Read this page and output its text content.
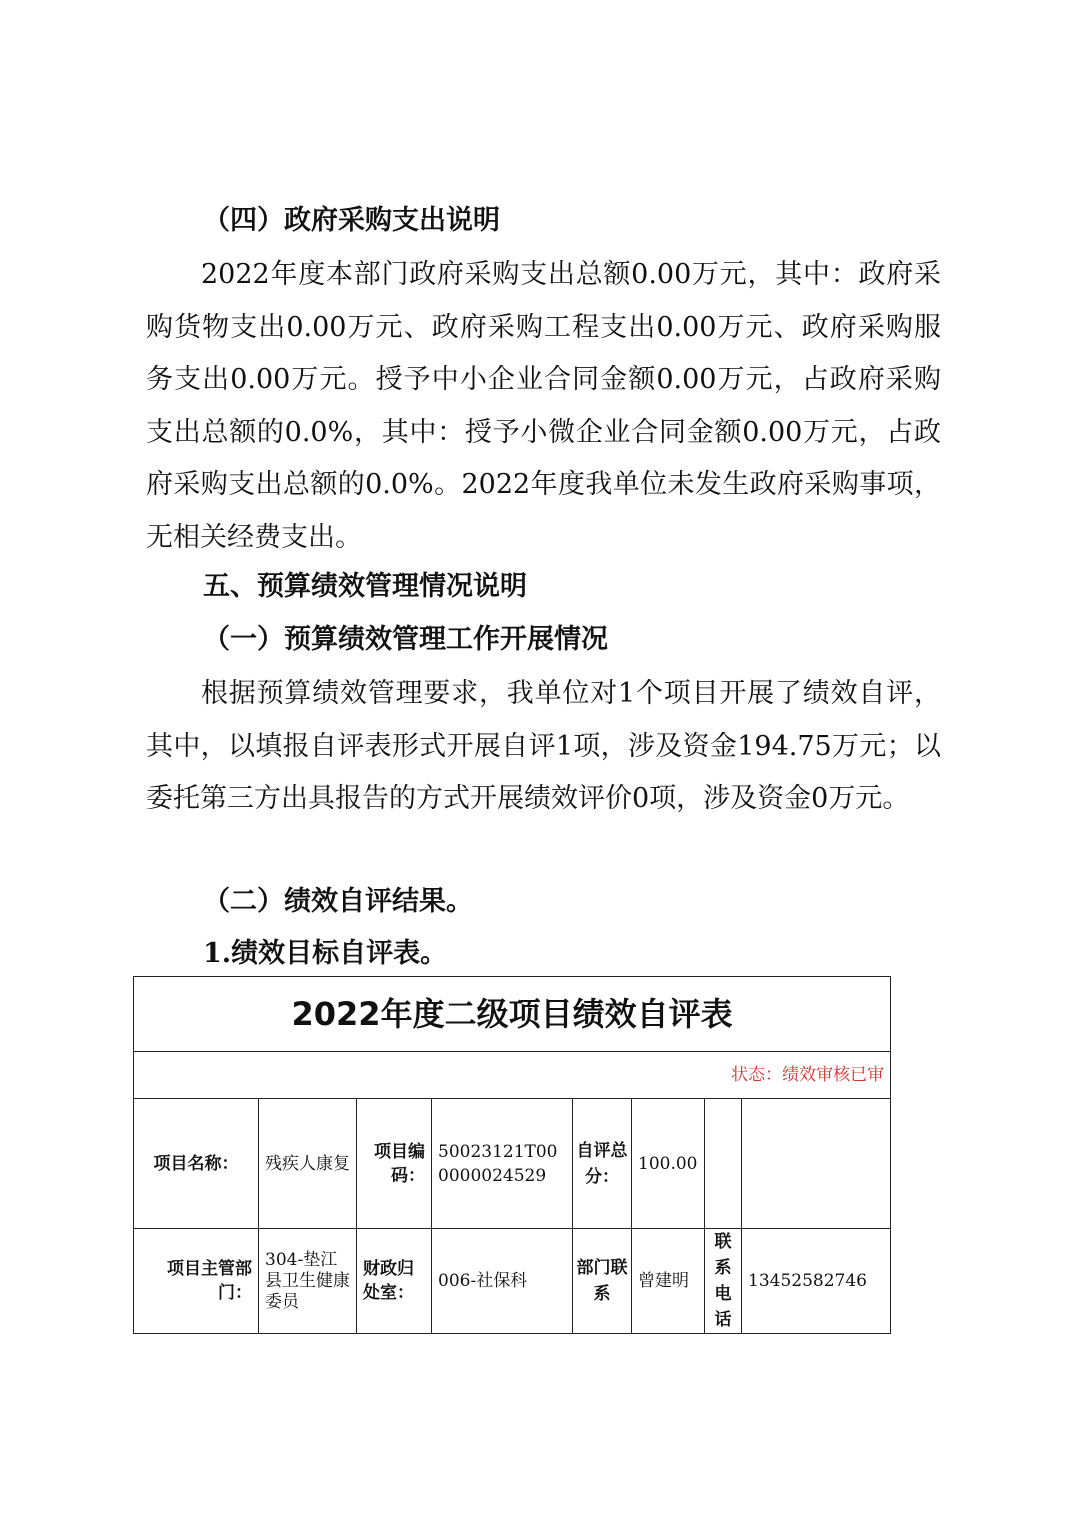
（四）政府采购支出说明

2022年度本部门政府采购支出总额0.00万元，其中：政府采购货物支出0.00万元、政府采购工程支出0.00万元、政府采购服务支出0.00万元。授予中小企业合同金额0.00万元，占政府采购支出总额的0.0%，其中：授予小微企业合同金额0.00万元，占政府采购支出总额的0.0%。2022年度我单位未发生政府采购事项，无相关经费支出。

五、预算绩效管理情况说明
（一）预算绩效管理工作开展情况

根据预算绩效管理要求，我单位对1个项目开展了绩效自评，其中，以填报自评表形式开展自评1项，涉及资金194.75万元；以委托第三方出具报告的方式开展绩效评价0项，涉及资金0万元。

（二）绩效自评结果。
1.绩效目标自评表。
2022年度二级项目绩效自评表							
状态：绩效审核已审							
项目名称：	残疾人康复	项目编码：	50023121T000000024529	自评总分：	100.00		
项目主管部门：	304-垫江县卫生健康委员	财政归处室：	006-社保科	部门联系	曾建明	联系电话	13452582746
